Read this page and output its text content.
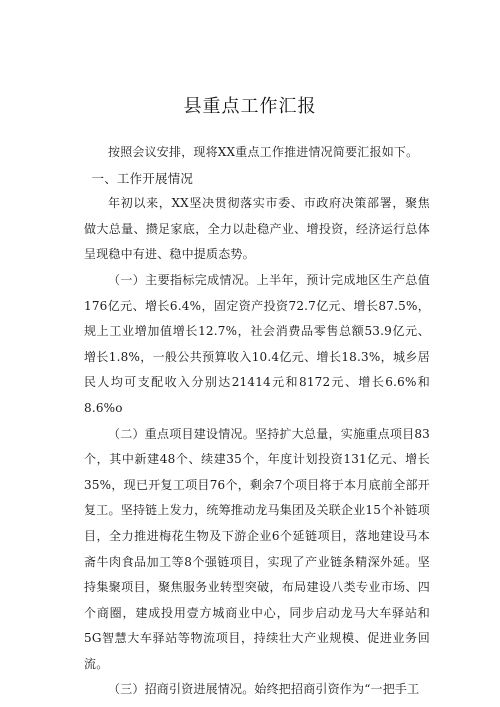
县重点工作汇报

按照会议安排，现将XX重点工作推进情况简要汇报如下。

一、工作开展情况

年初以来，XX坚决贯彻落实市委、市政府决策部署，聚焦做大总量、攒足家底，全力以赴稳产业、增投资，经济运行总体呈现稳中有进、稳中提质态势。

（一）主要指标完成情况。上半年，预计完成地区生产总值176亿元、增长6.4%，固定资产投资72.7亿元、增长87.5%，规上工业增加值增长12.7%，社会消费品零售总额53.9亿元、增长1.8%，一般公共预算收入10.4亿元、增长18.3%，城乡居民人均可支配收入分别达21414元和8172元、增长6.6%和8.6%o

（二）重点项目建设情况。坚持扩大总量，实施重点项目83个，其中新建48个、续建35个，年度计划投资131亿元、增长35%，现已开复工项目76个，剩余7个项目将于本月底前全部开复工。坚持链上发力，统筹推动龙马集团及关联企业15个补链项目，全力推进梅花生物及下游企业6个延链项目，落地建设马本斋牛肉食品加工等8个强链项目，实现了产业链条精深外延。坚持集聚项目，聚焦服务业转型突破，布局建设八类专业市场、四个商圈，建成投用壹方城商业中心，同步启动龙马大车驿站和5G智慧大车驿站等物流项目，持续壮大产业规模、促进业务回流。

（三）招商引资进展情况。始终把招商引资作为“一把手工
